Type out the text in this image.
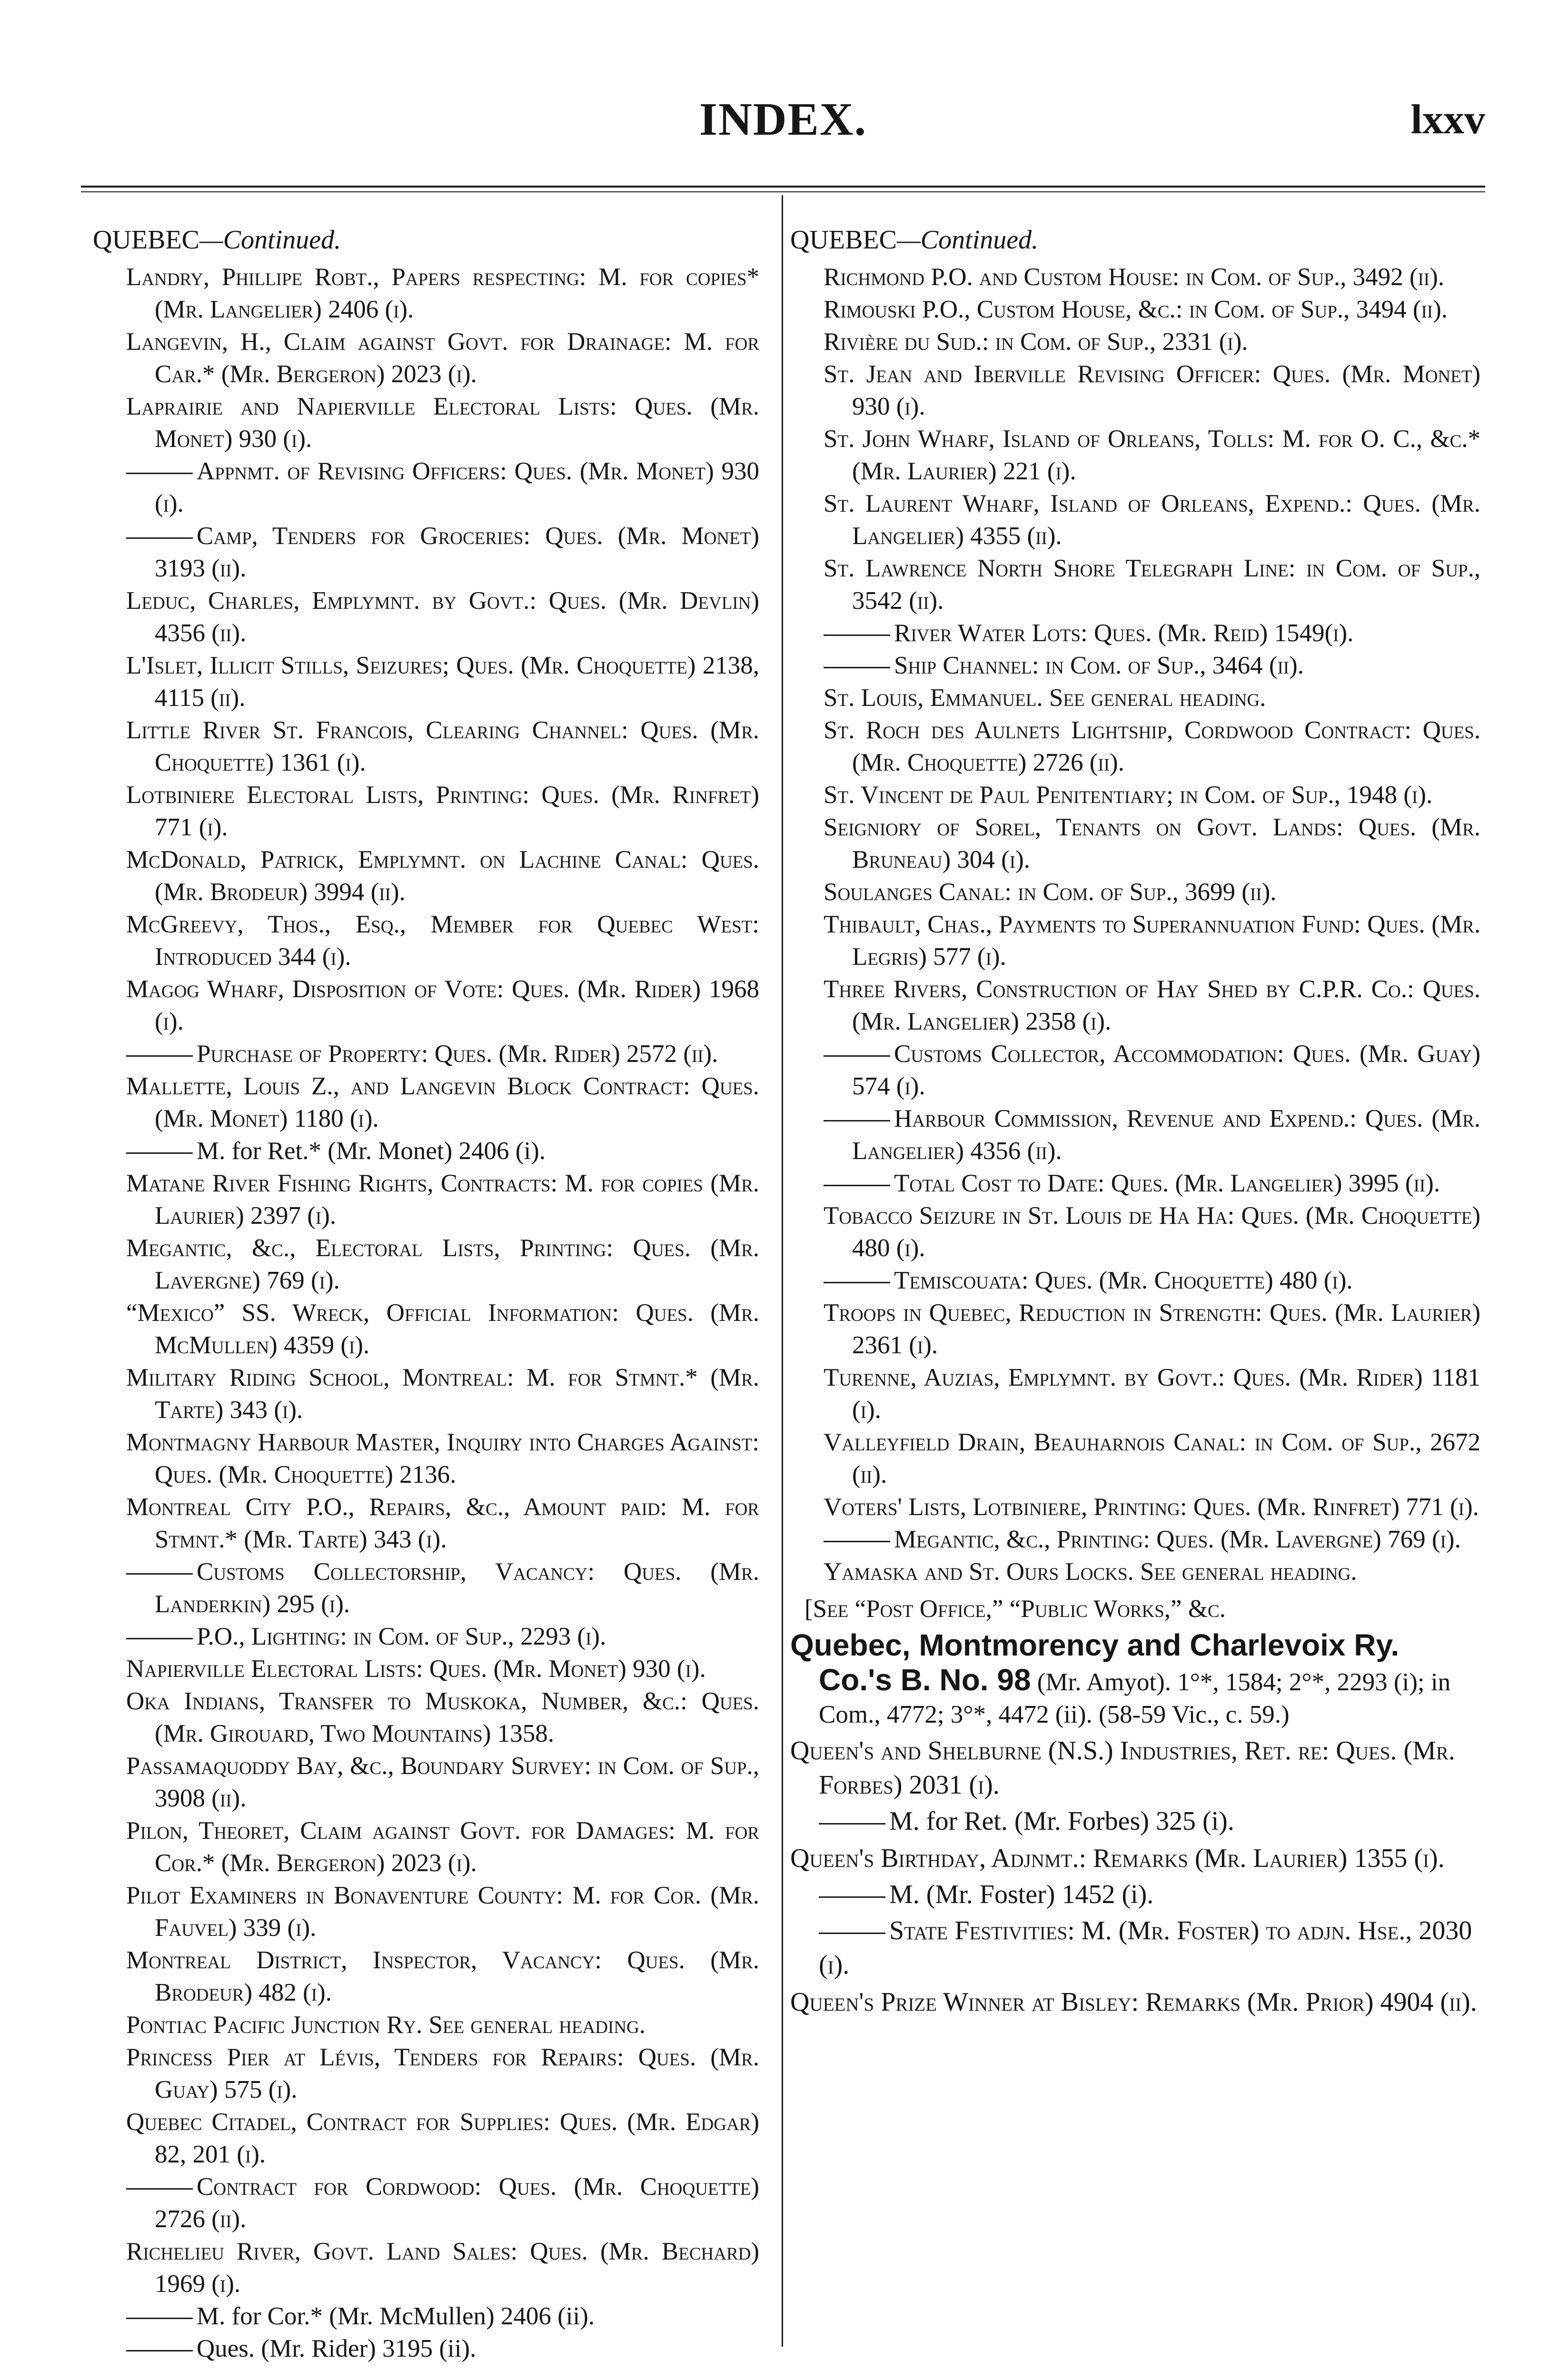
INDEX.	lxxv

QUEBEC—Continued.

Landry, Phillipe Robt., Papers respecting: M. for copies* (Mr. Langelier) 2406 (i).

Langevin, H., Claim against Govt. for Drainage: M. for Car.* (Mr. Bergeron) 2023 (i).

Laprairie and Napierville Electoral Lists: Ques. (Mr. Monet) 930 (i).

Appnmt. of Revising Officers: Ques. (Mr. Monet) 930 (i).

Camp, Tenders for Groceries: Ques. (Mr. Monet) 3193 (ii).

Leduc, Charles, Emplymnt. by Govt.: Ques. (Mr. Devlin) 4356 (ii).

L'Islet, Illicit Stills, Seizures; Ques. (Mr. Choquette) 2138, 4115 (ii).

Little River St. Francois, Clearing Channel: Ques. (Mr. Choquette) 1361 (i).

Lotbiniere Electoral Lists, Printing: Ques. (Mr. Rinfret) 771 (i).

McDonald, Patrick, Emplymnt. on Lachine Canal: Ques. (Mr. Brodeur) 3994 (ii).

McGreevy, Thos., Esq., Member for Quebec West: Introduced 344 (i).

Magog Wharf, Disposition of Vote: Ques. (Mr. Rider) 1968 (i).

Purchase of Property: Ques. (Mr. Rider) 2572 (ii).

Mallette, Louis Z., and Langevin Block Contract: Ques. (Mr. Monet) 1180 (i).

M. for Ret.* (Mr. Monet) 2406 (i).

Matane River Fishing Rights, Contracts: M. for copies (Mr. Laurier) 2397 (i).

Megantic, &c., Electoral Lists, Printing: Ques. (Mr. Lavergne) 769 (i).

“Mexico” SS. Wreck, Official Information: Ques. (Mr. McMullen) 4359 (i).

Military Riding School, Montreal: M. for Stmnt.* (Mr. Tarte) 343 (i).

Montmagny Harbour Master, Inquiry into Charges Against: Ques. (Mr. Choquette) 2136.

Montreal City P.O., Repairs, &c., Amount paid: M. for Stmnt.* (Mr. Tarte) 343 (i).

Customs Collectorship, Vacancy: Ques. (Mr. Landerkin) 295 (i).

P.O., Lighting: in Com. of Sup., 2293 (i).

Napierville Electoral Lists: Ques. (Mr. Monet) 930 (i).

Oka Indians, Transfer to Muskoka, Number, &c.: Ques. (Mr. Girouard, Two Mountains) 1358.

Passamaquoddy Bay, &c., Boundary Survey: in Com. of Sup., 3908 (ii).

Pilon, Theoret, Claim against Govt. for Damages: M. for Cor.* (Mr. Bergeron) 2023 (i).

Pilot Examiners in Bonaventure County: M. for Cor. (Mr. Fauvel) 339 (i).

Montreal District, Inspector, Vacancy: Ques. (Mr. Brodeur) 482 (i).

Pontiac Pacific Junction Ry. See general heading.

Princess Pier at Lévis, Tenders for Repairs: Ques. (Mr. Guay) 575 (i).

Quebec Citadel, Contract for Supplies: Ques. (Mr. Edgar) 82, 201 (i).

Contract for Cordwood: Ques. (Mr. Choquette) 2726 (ii).

Richelieu River, Govt. Land Sales: Ques. (Mr. Bechard) 1969 (i).

M. for Cor.* (Mr. McMullen) 2406 (ii).

Ques. (Mr. Rider) 3195 (ii).

QUEBEC—Continued.

Richmond P.O. and Custom House: in Com. of Sup., 3492 (ii).

Rimouski P.O., Custom House, &c.: in Com. of Sup., 3494 (ii).

Rivière du Sud.: in Com. of Sup., 2331 (i).

St. Jean and Iberville Revising Officer: Ques. (Mr. Monet) 930 (i).

St. John Wharf, Island of Orleans, Tolls: M. for O. C., &c.* (Mr. Laurier) 221 (i).

St. Laurent Wharf, Island of Orleans, Expend.: Ques. (Mr. Langelier) 4355 (ii).

St. Lawrence North Shore Telegraph Line: in Com. of Sup., 3542 (ii).

River Water Lots: Ques. (Mr. Reid) 1549(i).

Ship Channel: in Com. of Sup., 3464 (ii).

St. Louis, Emmanuel. See general heading.

St. Roch des Aulnets Lightship, Cordwood Contract: Ques. (Mr. Choquette) 2726 (ii).

St. Vincent de Paul Penitentiary; in Com. of Sup., 1948 (i).

Seigniory of Sorel, Tenants on Govt. Lands: Ques. (Mr. Bruneau) 304 (i).

Soulanges Canal: in Com. of Sup., 3699 (ii).

Thibault, Chas., Payments to Superannuation Fund: Ques. (Mr. Legris) 577 (i).

Three Rivers, Construction of Hay Shed by C.P.R. Co.: Ques. (Mr. Langelier) 2358 (i).

Customs Collector, Accommodation: Ques. (Mr. Guay) 574 (i).

Harbour Commission, Revenue and Expend.: Ques. (Mr. Langelier) 4356 (ii).

Total Cost to Date: Ques. (Mr. Langelier) 3995 (ii).

Tobacco Seizure in St. Louis de Ha Ha: Ques. (Mr. Choquette) 480 (i).

Temiscouata: Ques. (Mr. Choquette) 480 (i).

Troops in Quebec, Reduction in Strength: Ques. (Mr. Laurier) 2361 (i).

Turenne, Auzias, Emplymnt. by Govt.: Ques. (Mr. Rider) 1181 (i).

Valleyfield Drain, Beauharnois Canal: in Com. of Sup., 2672 (ii).

Voters' Lists, Lotbiniere, Printing: Ques. (Mr. Rinfret) 771 (i).

Megantic, &c., Printing: Ques. (Mr. Lavergne) 769 (i).

Yamaska and St. Ours Locks. See general heading.

[See “Post Office,” “Public Works,” &c.

Quebec, Montmorency and Charlevoix Ry. Co.'s B. No. 98 (Mr. Amyot). 1°*, 1584; 2°*, 2293 (i); in Com., 4772; 3°*, 4472 (ii). (58-59 Vic., c. 59.)

Queen's and Shelburne (N.S.) Industries, Ret. re: Ques. (Mr. Forbes) 2031 (i).

M. for Ret. (Mr. Forbes) 325 (i).

Queen's Birthday, Adjnmt.: Remarks (Mr. Laurier) 1355 (i).

M. (Mr. Foster) 1452 (i).

State Festivities: M. (Mr. Foster) to adjn. Hse., 2030 (i).

Queen's Prize Winner at Bisley: Remarks (Mr. Prior) 4904 (ii).
